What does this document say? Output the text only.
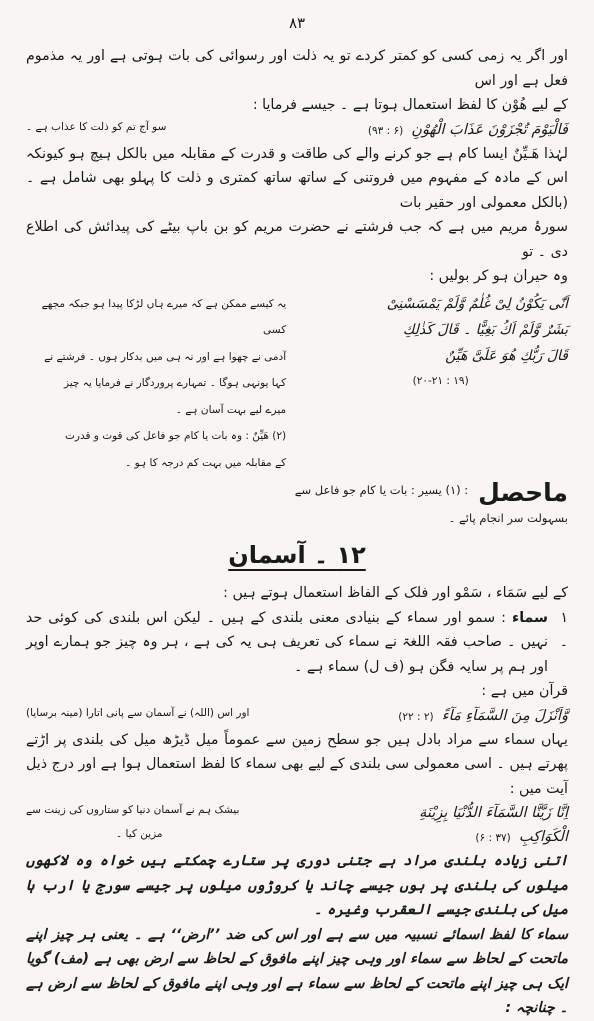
۸۳

اور اگر یہ زمی کسی کو کمتر کردے تو یہ ذلت اور رسوائی کی بات ہوتی ہے اور یہ مذموم فعل ہے اور اس

کے لیے هُوْن کا لفظ استعمال ہوتا ہے ۔ جیسے فرمایا :

فَالْيَوْمَ تُجْزَوْنَ عَذَابَ الْهُوْنِ (۶ : ۹۳)
سو آج تم کو ذلت کا عذاب ہے ۔

لہٰذا هَـيِّنٌ ایسا کام ہے جو کرنے والے کی طاقت و قدرت کے مقابلہ میں بالکل ہیچ ہو کیونکہ اس کے مادہ کے مفہوم میں فروتنی کے ساتھ ساتھ کمتری و ذلت کا پہلو بھی شامل ہے ۔ (بالکل معمولی اور حقیر بات

سورۂ مریم میں ہے کہ جب فرشتے نے حضرت مریم کو بن باپ بیٹے کی پیدائش کی اطلاع دی ۔ تو

وہ حیران ہو کر بولیں :

اَنّٰی یَكُوْنُ لِیْ غُلٰمٌ وَّلَمْ یَمْسَسْنِیْ
بَشَرٌ وَّلَمْ اَكُ بَغِیًّا ۔ قَالَ كَذٰلِكِ
قَالَ رَبُّكِ هُوَ عَلَیَّ هَیِّنٌ
(۱۹ : ۲۰-۲۱)
یہ کیسے ممکن ہے کہ میرے ہاں لڑکا پیدا ہو جبکہ مجھے کسی
آدمی نے چھوا ہے اور نہ ہی میں بدکار ہوں ۔ فرشتے نے
کہا یونہی ہوگا ۔ تمہارے پروردگار نے فرمایا یہ چیز
میرے لیے بہت آسان ہے ۔
(۲) هَیِّنٌ : وہ بات یا کام جو فاعل کی قوت و قدرت
کے مقابلہ میں بہت کم درجہ کا ہو ۔
ماحصل
: (۱) یسیر : بات یا کام جو فاعل سے
بسہولت سر انجام پائے ۔
۱۲ ۔ آسمان

کے لیے سَمَاء ، سَمْو اور فلک کے الفاظ استعمال ہوتے ہیں :

۱ ۔

سماء : سمو اور سماء کے بنیادی معنی بلندی کے ہیں ۔ لیکن اس بلندی کی کوئی حد نہیں ۔ صاحب فقہ اللغۃ نے سماء کی تعریف ہی یہ کی ہے ، ہر وہ چیز جو ہمارے اوپر اور ہم پر سایہ فگن ہو (ف ل) سماء ہے ۔

قرآن میں ہے :

وَّاَنْزَلَ مِنَ السَّمَآءِ مَآءً (۲ : ۲۲)
اور اس (اللہ) نے آسمان سے پانی اتارا (مینہ برسایا)

یہاں سماء سے مراد بادل ہیں جو سطح زمین سے عموماً میل ڈیڑھ میل کی بلندی پر اڑتے پھرتے ہیں ۔ اسی معمولی سی بلندی کے لیے بھی سماء کا لفظ استعمال ہوا ہے اور درج ذیل آیت میں :

اِنَّا زَیَّنَّا السَّمَآءَ الدُّنْیَا بِزِیْنَةِ
بیشک ہم نے آسمان دنیا کو ستاروں کی زینت سے
الْكَوَاكِبِ (۳۷ : ۶)
مزین کیا ۔

اتنی زیادہ بلندی مراد ہے جتنی دوری پر ستارے چمکتے ہیں خواہ وہ لاکھوں میلوں کی بلندی پر ہوں جیسے چاند یا کروڑوں میلوں پر جیسے سورج یا ارب ہا میل کی بلندی جیسے العقرب وغیرہ ۔

سماء کا لفظ اسمائے نسبیہ میں سے ہے اور اس کی ضد ’’ارض‘‘ ہے ۔ یعنی ہر چیز اپنے ماتحت کے لحاظ سے سماء اور وہی چیز اپنے مافوق کے لحاظ سے ارض بھی ہے (مف) گویا ایک ہی چیز اپنے ماتحت کے لحاظ سے سماء ہے اور وہی اپنے مافوق کے لحاظ سے ارض ہے ۔ چنانچہ :
